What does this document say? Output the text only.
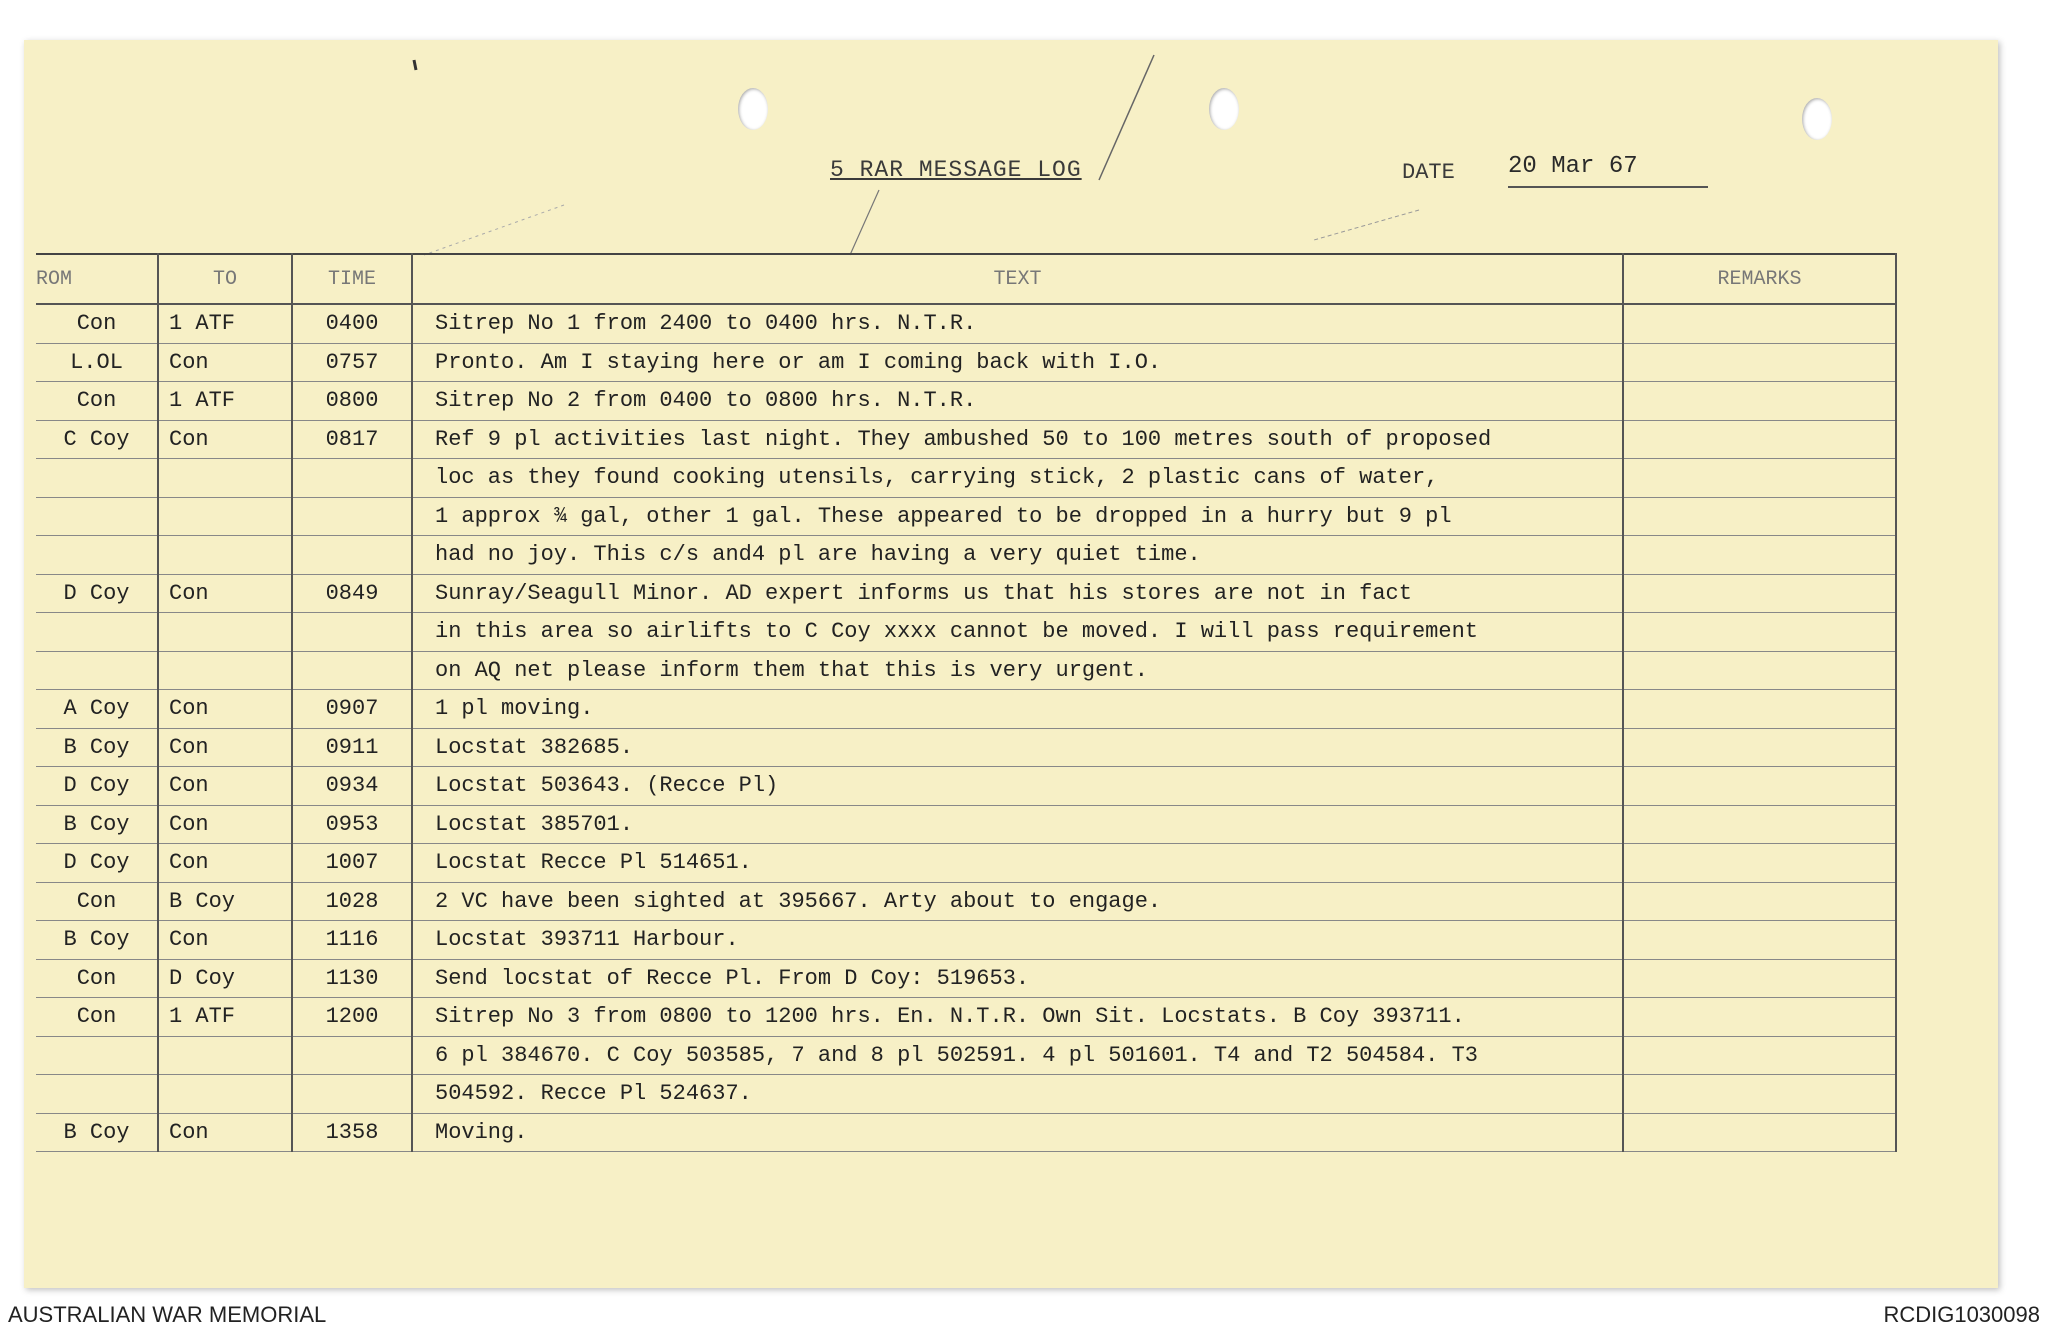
5 RAR MESSAGE LOG	DATE 20 Mar 67
ROM	TO	TIME	TEXT	REMARKS
Con	1 ATF	0400	Sitrep No 1 from 2400 to 0400 hrs. N.T.R.	
L.OL	Con	0757	Pronto. Am I staying here or am I coming back with I.O.	
Con	1 ATF	0800	Sitrep No 2 from 0400 to 0800 hrs. N.T.R.	
C Coy	Con	0817	Ref 9 pl activities last night. They ambushed 50 to 100 metres south of proposed	
			loc as they found cooking utensils, carrying stick, 2 plastic cans of water,	
			1 approx ¾ gal, other 1 gal. These appeared to be dropped in a hurry but 9 pl	
			had no joy. This c/s and4 pl are having a very quiet time.	
D Coy	Con	0849	Sunray/Seagull Minor. AD expert informs us that his stores are not in fact	
			in this area so airlifts to C Coy xxxx cannot be moved. I will pass requirement	
			on AQ net please inform them that this is very urgent.	
A Coy	Con	0907	1 pl moving.	
B Coy	Con	0911	Locstat 382685.	
D Coy	Con	0934	Locstat 503643. (Recce Pl)	
B Coy	Con	0953	Locstat 385701.	
D Coy	Con	1007	Locstat Recce Pl 514651.	
Con	B Coy	1028	2 VC have been sighted at 395667. Arty about to engage.	
B Coy	Con	1116	Locstat 393711 Harbour.	
Con	D Coy	1130	Send locstat of Recce Pl. From D Coy: 519653.	
Con	1 ATF	1200	Sitrep No 3 from 0800 to 1200 hrs. En. N.T.R. Own Sit. Locstats. B Coy 393711.	
			6 pl 384670. C Coy 503585, 7 and 8 pl 502591. 4 pl 501601. T4 and T2 504584. T3	
			504592. Recce Pl 524637.	
B Coy	Con	1358	Moving.	
AUSTRALIAN WAR MEMORIAL	RCDIG1030098
